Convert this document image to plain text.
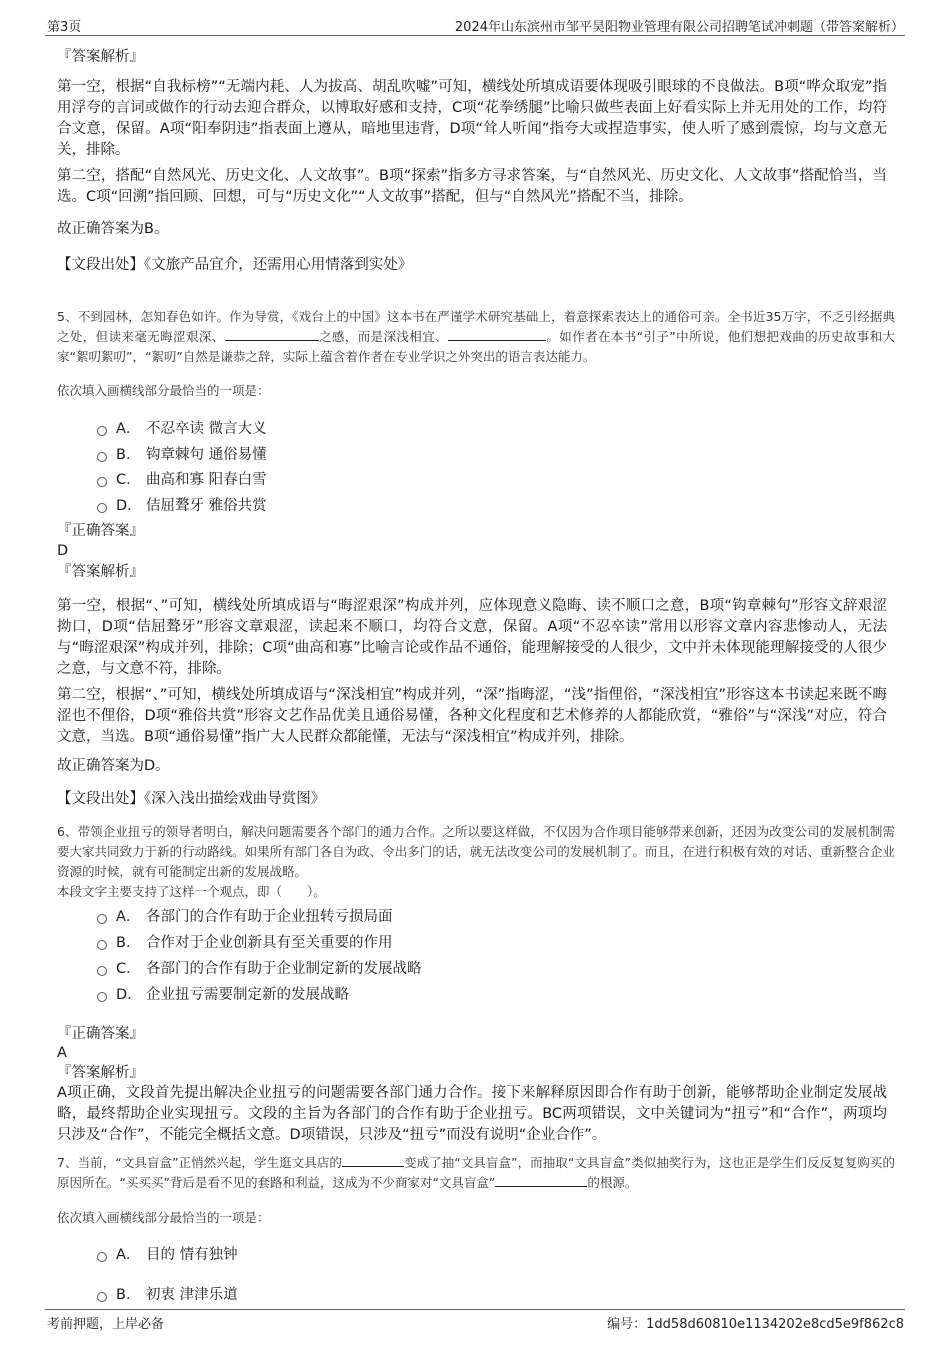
第3页	2024年山东滨州市邹平昊阳物业管理有限公司招聘笔试冲刺题（带答案解析）
『答案解析』

第一空，根据“自我标榜”“无端内耗、人为拔高、胡乱吹嘘”可知，横线处所填成语要体现吸引眼球的不良做法。B项“哗众取宠”指用浮夸的言词或做作的行动去迎合群众，以博取好感和支持，C项“花拳绣腿”比喻只做些表面上好看实际上并无用处的工作，均符合文意，保留。A项“阳奉阴违”指表面上遵从，暗地里违背，D项“耸人听闻”指夸大或捏造事实，使人听了感到震惊，均与文意无关，排除。

第二空，搭配“自然风光、历史文化、人文故事”。B项“探索”指多方寻求答案，与“自然风光、历史文化、人文故事”搭配恰当，当选。C项“回溯”指回顾、回想，可与“历史文化”“人文故事”搭配，但与“自然风光”搭配不当，排除。

故正确答案为B。
【文段出处】《文旅产品宜介，还需用心用情落到实处》

5、不到园林，怎知春色如许。作为导赏，《戏台上的中国》这本书在严谨学术研究基础上，着意探索表达上的通俗可亲。全书近35万字，不乏引经据典之处，但读来毫无晦涩艰深、	之感，而是深浅相宜、	。如作者在本书“引子”中所说，他们想把戏曲的历史故事和大家“絮叨絮叨”，“絮叨”自然是谦恭之辞，实际上蕴含着作者在专业学识之外突出的语言表达能力。

依次填入画横线部分最恰当的一项是：
A． 不忍卒读 微言大义
B． 钩章棘句 通俗易懂
C． 曲高和寡 阳春白雪
D． 佶屈聱牙 雅俗共赏
『正确答案』
D
『答案解析』

第一空，根据“、”可知，横线处所填成语与“晦涩艰深”构成并列，应体现意义隐晦、读不顺口之意，B项“钩章棘句”形容文辞艰涩拗口，D项“佶屈聱牙”形容文章艰涩，读起来不顺口，均符合文意，保留。A项“不忍卒读”常用以形容文章内容悲惨动人，无法与“晦涩艰深”构成并列，排除；C项“曲高和寡”比喻言论或作品不通俗，能理解接受的人很少，文中并未体现能理解接受的人很少之意，与文意不符，排除。

第二空，根据“、”可知，横线处所填成语与“深浅相宜”构成并列，“深”指晦涩，“浅”指俚俗，“深浅相宜”形容这本书读起来既不晦涩也不俚俗，D项“雅俗共赏”形容文艺作品优美且通俗易懂，各种文化程度和艺术修养的人都能欣赏，“雅俗”与“深浅”对应，符合文意，当选。B项“通俗易懂”指广大人民群众都能懂，无法与“深浅相宜”构成并列，排除。

故正确答案为D。
【文段出处】《深入浅出描绘戏曲导赏图》

6、带领企业扭亏的领导者明白，解决问题需要各个部门的通力合作。之所以要这样做，不仅因为合作项目能够带来创新，还因为改变公司的发展机制需要大家共同致力于新的行动路线。如果所有部门各自为政、令出多门的话，就无法改变公司的发展机制了。而且，在进行积极有效的对话、重新整合企业资源的时候，就有可能制定出新的发展战略。

本段文字主要支持了这样一个观点，即（　　）。
A． 各部门的合作有助于企业扭转亏损局面
B． 合作对于企业创新具有至关重要的作用
C． 各部门的合作有助于企业制定新的发展战略
D． 企业扭亏需要制定新的发展战略
『正确答案』
A
『答案解析』

A项正确，文段首先提出解决企业扭亏的问题需要各部门通力合作。接下来解释原因即合作有助于创新，能够帮助企业制定发展战略，最终帮助企业实现扭亏。文段的主旨为各部门的合作有助于企业扭亏。BC两项错误，文中关键词为“扭亏”和“合作”，两项均只涉及“合作”，不能完全概括文意。D项错误，只涉及“扭亏”而没有说明“企业合作”。

7、当前，“文具盲盒”正悄然兴起，学生逛文具店的	变成了抽“文具盲盒”，而抽取“文具盲盒”类似抽奖行为，这也正是学生们反反复复购买的原因所在。“买买买”背后是看不见的套路和利益，这成为不少商家对“文具盲盒”	的根源。

依次填入画横线部分最恰当的一项是：
A． 目的 情有独钟
B． 初衷 津津乐道
考前押题，上岸必备	编号：1dd58d60810e1134202e8cd5e9f862c8
